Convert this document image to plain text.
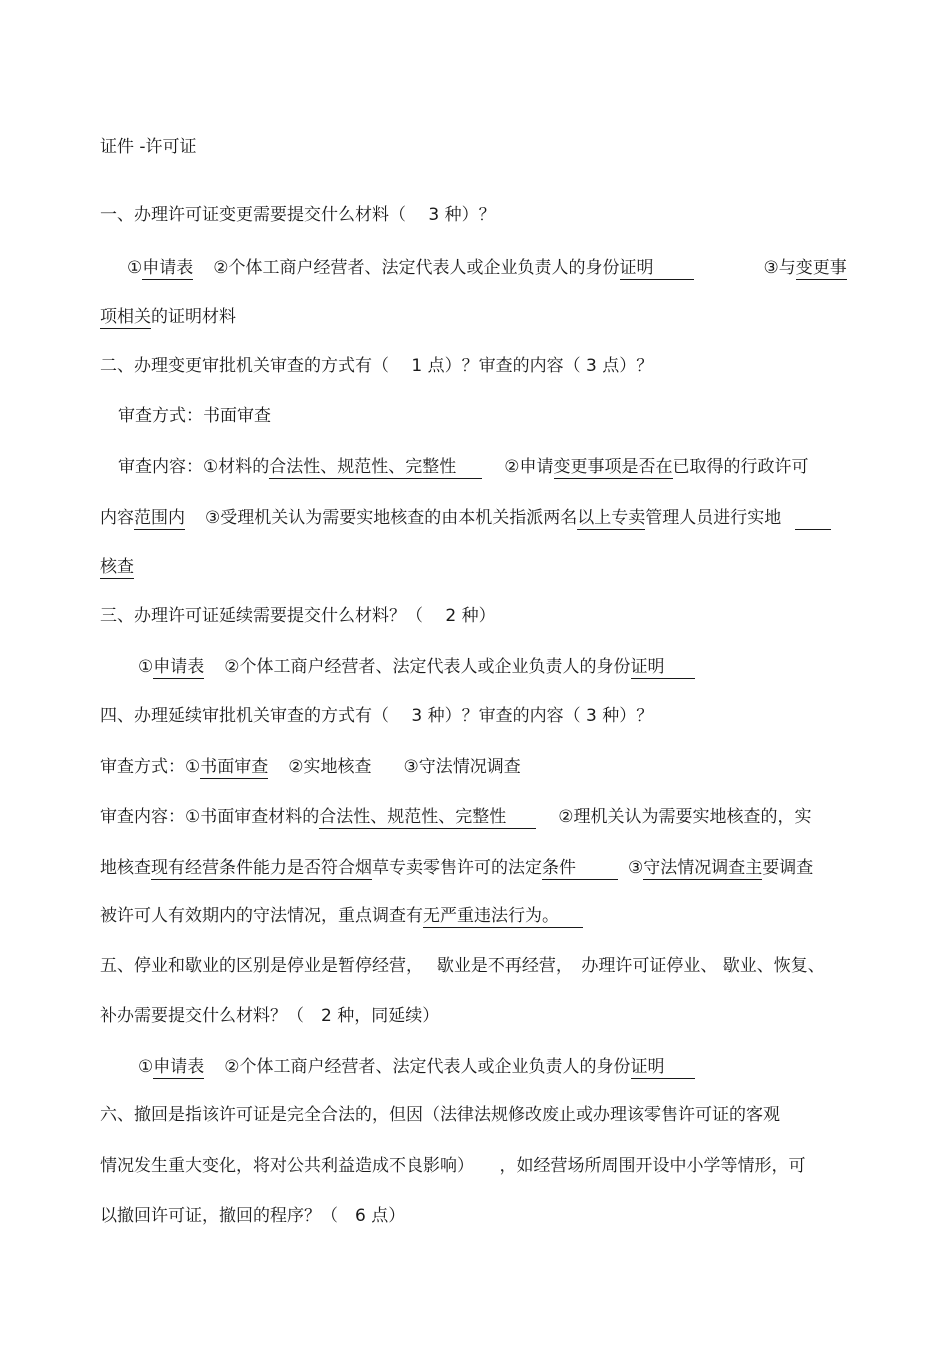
证件 -许可证
一、办理许可证变更需要提交什么材料（　 3 种）？
①申请表 ②个体工商户经营者、法定代表人或企业负责人的身份证明	③与变更事
项相关的证明材料
二、办理变更审批机关审查的方式有（　 1 点）？审查的内容（ 3 点）？
审查方式：书面审查
审查内容：①材料的合法性、规范性、完整性	②申请变更事项是否在已取得的行政许可
内容范围内 ③受理机关认为需要实地核查的由本机关指派两名以上专卖管理人员进行实地
核查
三、办理许可证延续需要提交什么材料？（　 2 种）
①申请表 ②个体工商户经营者、法定代表人或企业负责人的身份证明
四、办理延续审批机关审查的方式有（　 3 种）？审查的内容（ 3 种）？
审查方式：①书面审查 ②实地核查 ③守法情况调查
审查内容：①书面审查材料的合法性、规范性、完整性	②理机关认为需要实地核查的，实
地核查现有经营条件能力是否符合烟草专卖零售许可的法定条件	③守法情况调查主要调查
被许可人有效期内的守法情况，重点调查有无严重违法行为。
五、停业和歇业的区别是停业是暂停经营，　 歇业是不再经营，　办理许可证停业、 歇业、恢复、
补办需要提交什么材料？（　2 种，同延续）
①申请表 ②个体工商户经营者、法定代表人或企业负责人的身份证明
六、撤回是指该许可证是完全合法的，但因（法律法规修改废止或办理该零售许可证的客观
情况发生重大变化，将对公共利益造成不良影响）　　，如经营场所周围开设中小学等情形，可
以撤回许可证，撤回的程序？（　6 点）
